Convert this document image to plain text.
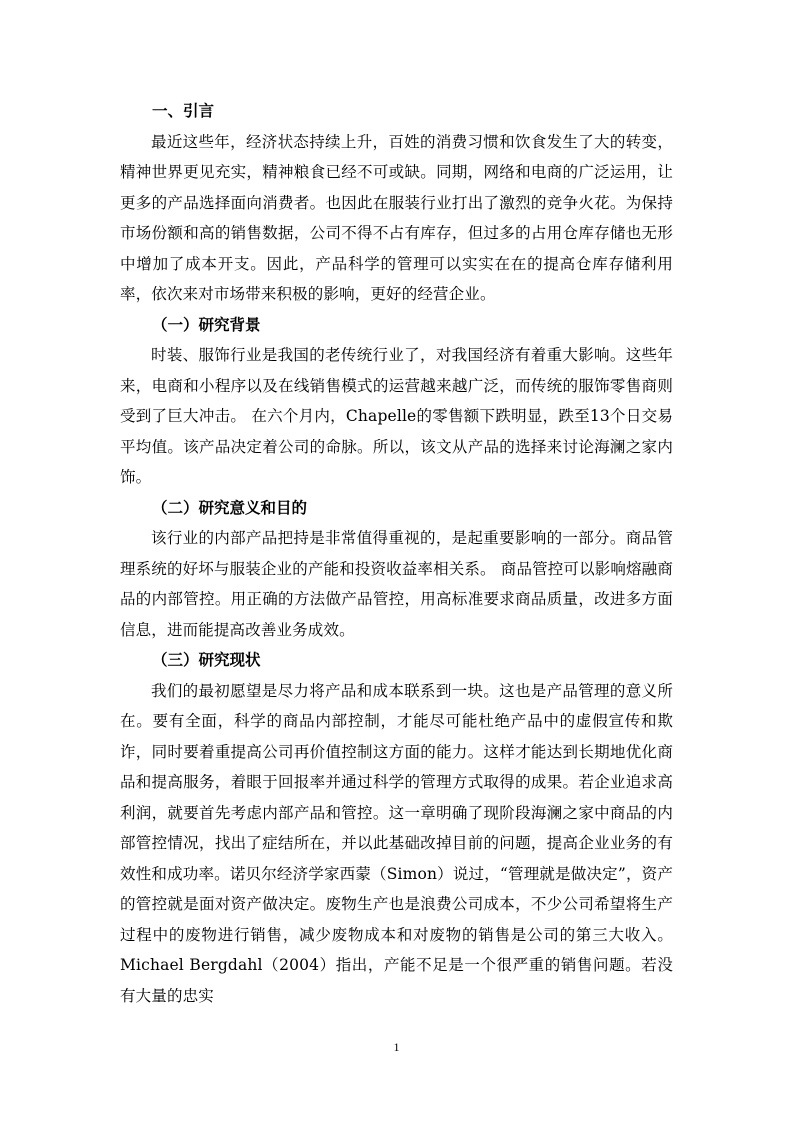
一、引言

最近这些年，经济状态持续上升，百姓的消费习惯和饮食发生了大的转变，精神世界更见充实，精神粮食已经不可或缺。同期，网络和电商的广泛运用，让更多的产品选择面向消费者。也因此在服装行业打出了激烈的竞争火花。为保持市场份额和高的销售数据，公司不得不占有库存，但过多的占用仓库存储也无形中增加了成本开支。因此，产品科学的管理可以实实在在的提高仓库存储利用率，依次来对市场带来积极的影响，更好的经营企业。

（一）研究背景

时装、服饰行业是我国的老传统行业了，对我国经济有着重大影响。这些年来，电商和小程序以及在线销售模式的运营越来越广泛，而传统的服饰零售商则受到了巨大冲击。 在六个月内，Chapelle的零售额下跌明显，跌至13个日交易平均值。该产品决定着公司的命脉。所以，该文从产品的选择来讨论海澜之家内饰。

（二）研究意义和目的

该行业的内部产品把持是非常值得重视的，是起重要影响的一部分。商品管理系统的好坏与服装企业的产能和投资收益率相关系。 商品管控可以影响熔融商品的内部管控。用正确的方法做产品管控，用高标准要求商品质量，改进多方面信息，进而能提高改善业务成效。

（三）研究现状

我们的最初愿望是尽力将产品和成本联系到一块。这也是产品管理的意义所在。要有全面，科学的商品内部控制，才能尽可能杜绝产品中的虚假宣传和欺诈，同时要着重提高公司再价值控制这方面的能力。这样才能达到长期地优化商品和提高服务，着眼于回报率并通过科学的管理方式取得的成果。若企业追求高利润，就要首先考虑内部产品和管控。这一章明确了现阶段海澜之家中商品的内部管控情况，找出了症结所在，并以此基础改掉目前的问题，提高企业业务的有效性和成功率。诺贝尔经济学家西蒙（Simon）说过，“管理就是做决定”，资产的管控就是面对资产做决定。废物生产也是浪费公司成本，不少公司希望将生产过程中的废物进行销售，减少废物成本和对废物的销售是公司的第三大收入。 Michael Bergdahl（2004）指出，产能不足是一个很严重的销售问题。若没有大量的忠实

1
